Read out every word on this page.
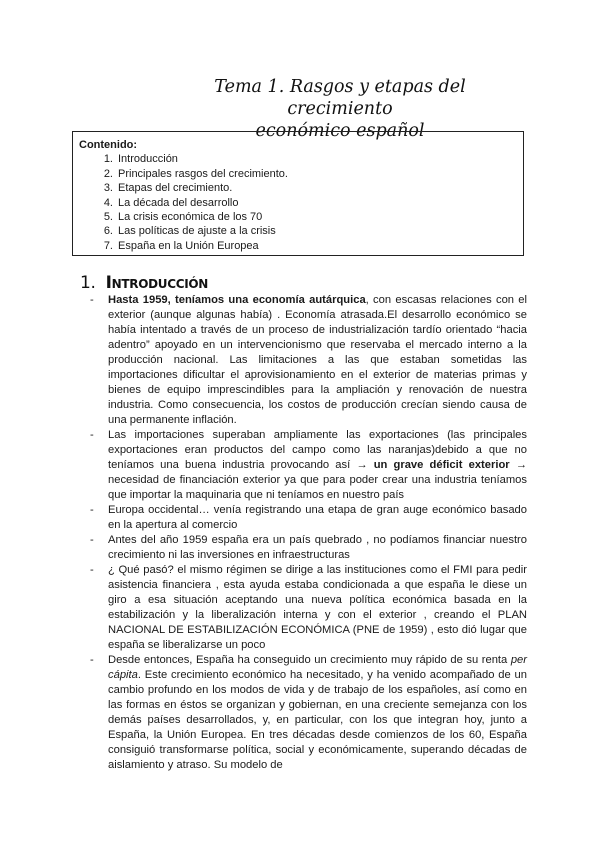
Tema 1. Rasgos y etapas del crecimiento
económico español
Contenido:
1. Introducción
2. Principales rasgos del crecimiento.
3. Etapas del crecimiento.
4. La década del desarrollo
5. La crisis económica de los 70
6. Las políticas de ajuste a la crisis
7. España en la Unión Europea
1. Introducción
- Hasta 1959, teníamos una economía autárquica, con escasas relaciones con el exterior (aunque algunas había) . Economía atrasada.El desarrollo económico se había intentado a través de un proceso de industrialización tardío orientado “hacia adentro” apoyado en un intervencionismo que reservaba el mercado interno a la producción nacional. Las limitaciones a las que estaban sometidas las importaciones dificultar el aprovisionamiento en el exterior de materias primas y bienes de equipo imprescindibles para la ampliación y renovación de nuestra industria. Como consecuencia, los costos de producción crecían siendo causa de una permanente inflación.

- Las importaciones superaban ampliamente las exportaciones (las principales exportaciones eran productos del campo como las naranjas)debido a que no teníamos una buena industria provocando así → un grave déficit exterior → necesidad de financiación exterior ya que para poder crear una industria teníamos que importar la maquinaria que ni teníamos en nuestro país

- Europa occidental… venía registrando una etapa de gran auge económico basado en la apertura al comercio

- Antes del año 1959 españa era un país quebrado , no podíamos financiar nuestro crecimiento ni las inversiones en infraestructuras

- ¿ Qué pasó? el mismo régimen se dirige a las instituciones como el FMI para pedir asistencia financiera , esta ayuda estaba condicionada a que españa le diese un giro a esa situación aceptando una nueva política económica basada en la estabilización y la liberalización interna y con el exterior , creando el PLAN NACIONAL DE ESTABILIZACIÓN ECONÓMICA (PNE de 1959) , esto dió lugar que españa se liberalizarse un poco

- Desde entonces, España ha conseguido un crecimiento muy rápido de su renta per cápita. Este crecimiento económico ha necesitado, y ha venido acompañado de un cambio profundo en los modos de vida y de trabajo de los españoles, así como en las formas en éstos se organizan y gobiernan, en una creciente semejanza con los demás países desarrollados, y, en particular, con los que integran hoy, junto a España, la Unión Europea. En tres décadas desde comienzos de los 60, España consiguió transformarse política, social y económicamente, superando décadas de aislamiento y atraso. Su modelo de
